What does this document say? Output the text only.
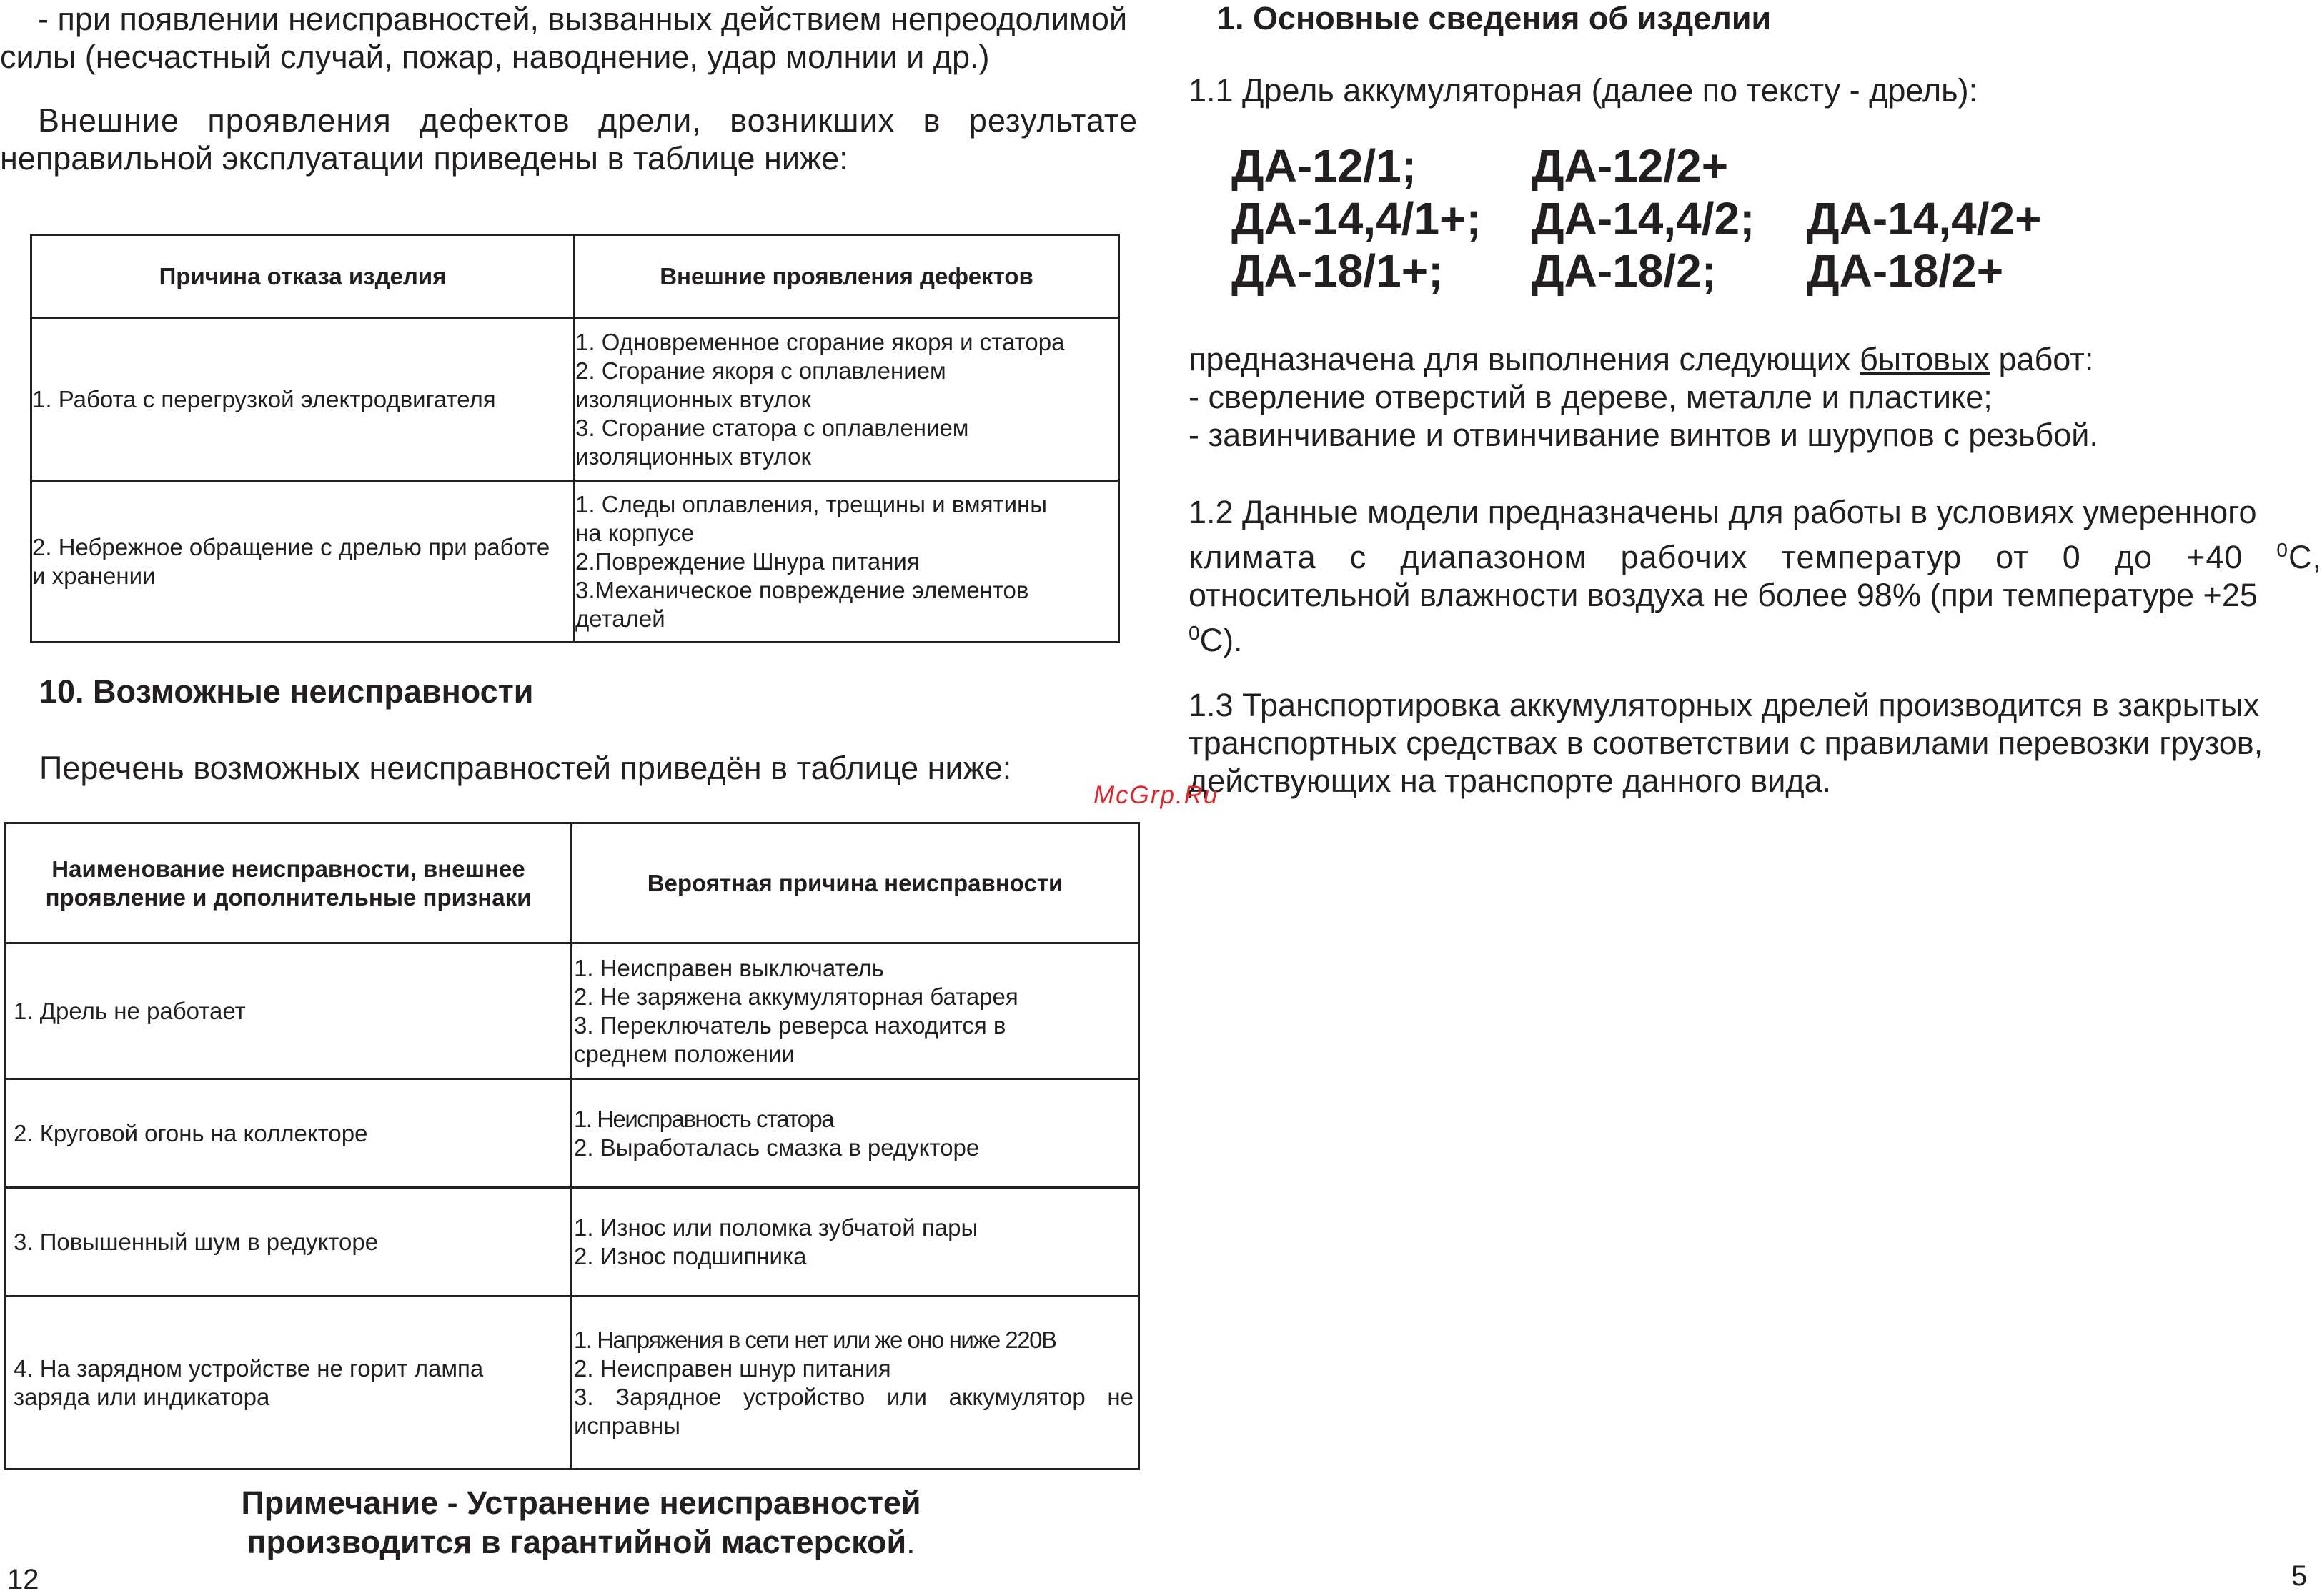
- при появлении неисправностей, вызванных действием непреодолимой
силы (несчастный случай, пожар, наводнение, удар молнии и др.)
Внешние проявления дефектов дрели, возникших в результате
неправильной эксплуатации приведены в таблице ниже:
Причина отказа изделия	Внешние проявления дефектов
1. Работа с перегрузкой электродвигателя	1. Одновременное сгорание якоря и статора
2. Сгорание якоря с оплавлением
изоляционных втулок
3. Сгорание статора с оплавлением
изоляционных втулок

2. Небрежное обращение с дрелью при работе и хранении	1. Следы оплавления, трещины и вмятины
на корпусе
2.Повреждение Шнура питания
3.Механическое повреждение элементов
деталей
10. Возможные неисправности
Перечень возможных неисправностей приведён в таблице ниже:
Наименование неисправности, внешнее проявление и дополнительные признаки	Вероятная причина неисправности
1. Дрель не работает	1. Неисправен выключатель
2. Не заряжена аккумуляторная батарея
3. Переключатель реверса находится в
среднем положении

2. Круговой огонь на коллекторе	1. Неисправность статора
2. Выработалась смазка в редукторе

3. Повышенный шум в редукторе	1. Износ или поломка зубчатой пары
2. Износ подшипника

4. На зарядном устройстве не горит лампа заряда или индикатора	1. Напряжения в сети нет или же оно ниже 220В
2. Неисправен шнур питания
3. Зарядное устройство или аккумулятор не
исправны
Примечание - Устранение неисправностей
производится в гарантийной мастерской.
12
1. Основные сведения об изделии
1.1 Дрель аккумуляторная (далее по тексту - дрель):
ДА-12/1;	ДА-12/2+
ДА-14,4/1+; ДА-14,4/2; ДА-14,4/2+
ДА-18/1+; ДА-18/2; ДА-18/2+
предназначена для выполнения следующих бытовых работ:
- сверление отверстий в дереве, металле и пластике;
- завинчивание и отвинчивание винтов и шурупов с резьбой.
1.2 Данные модели предназначены для работы в условиях умеренного
климата с диапазоном рабочих температур от 0 до +40 $^0$С,
относительной влажности воздуха не более 98% (при температуре +25
$^0$С).
1.3 Транспортировка аккумуляторных дрелей производится в закрытых
транспортных средствах в соответствии с правилами перевозки грузов,
действующих на транспорте данного вида.
McGrp.Ru
5
